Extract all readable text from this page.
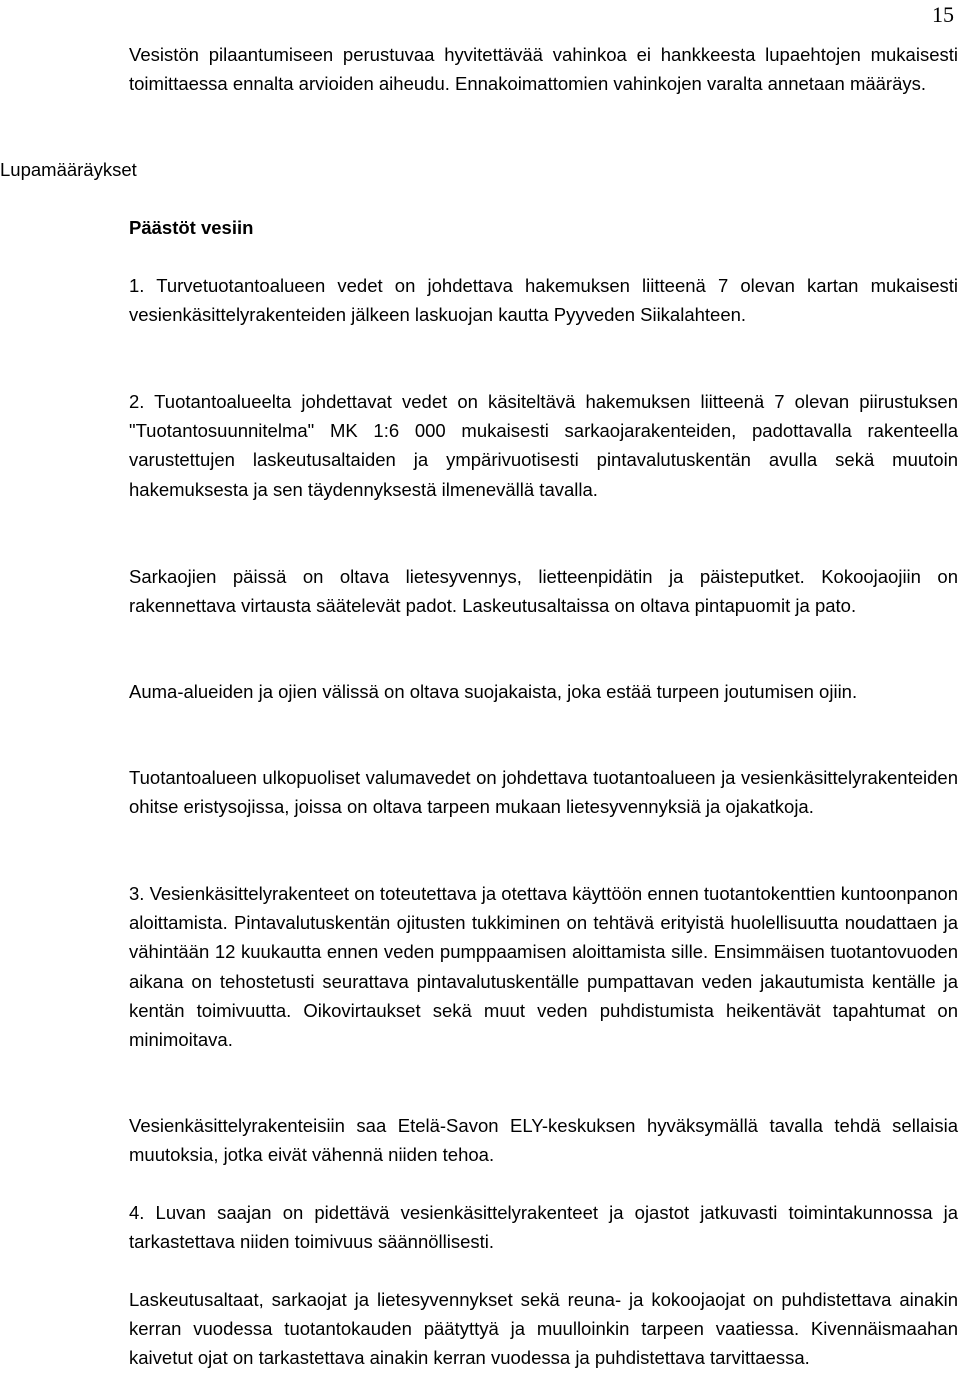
15

Vesistön pilaantumiseen perustuvaa hyvitettävää vahinkoa ei hankkeesta lupaehtojen mukaisesti toimittaessa ennalta arvioiden aiheudu. Ennakoimattomien vahinkojen varalta annetaan määräys.

Lupamääräykset
Päästöt vesiin

1. Turvetuotantoalueen vedet on johdettava hakemuksen liitteenä 7 olevan kartan mukaisesti vesienkäsittelyrakenteiden jälkeen laskuojan kautta Pyyveden Siikalahteen.

2. Tuotantoalueelta johdettavat vedet on käsiteltävä hakemuksen liitteenä 7 olevan piirustuksen "Tuotantosuunnitelma" MK 1:6 000 mukaisesti sarkaojarakenteiden, padottavalla rakenteella varustettujen laskeutusaltaiden ja ympärivuotisesti pintavalutuskentän avulla sekä muutoin hakemuksesta ja sen täydennyksestä ilmenevällä tavalla.

Sarkaojien päissä on oltava lietesyvennys, lietteenpidätin ja päisteputket. Kokoojaojiin on rakennettava virtausta säätelevät padot. Laskeutusaltaissa on oltava pintapuomit ja pato.

Auma-alueiden ja ojien välissä on oltava suojakaista, joka estää turpeen joutumisen ojiin.

Tuotantoalueen ulkopuoliset valumavedet on johdettava tuotantoalueen ja vesienkäsittelyrakenteiden ohitse eristysojissa, joissa on oltava tarpeen mukaan lietesyvennyksiä ja ojakatkoja.

3. Vesienkäsittelyrakenteet on toteutettava ja otettava käyttöön ennen tuotantokenttien kuntoonpanon aloittamista. Pintavalutuskentän ojitusten tukkiminen on tehtävä erityistä huolellisuutta noudattaen ja vähintään 12 kuukautta ennen veden pumppaamisen aloittamista sille. Ensimmäisen tuotantovuoden aikana on tehostetusti seurattava pintavalutuskentälle pumpattavan veden jakautumista kentälle ja kentän toimivuutta. Oikovirtaukset sekä muut veden puhdistumista heikentävät tapahtumat on minimoitava.

Vesienkäsittelyrakenteisiin saa Etelä-Savon ELY-keskuksen hyväksymällä tavalla tehdä sellaisia muutoksia, jotka eivät vähennä niiden tehoa.

4. Luvan saajan on pidettävä vesienkäsittelyrakenteet ja ojastot jatkuvasti toimintakunnossa ja tarkastettava niiden toimivuus säännöllisesti.

Laskeutusaltaat, sarkaojat ja lietesyvennykset sekä reuna- ja kokoojaojat on puhdistettava ainakin kerran vuodessa tuotantokauden päätyttyä ja muulloinkin tarpeen vaatiessa. Kivennäismaahan kaivetut ojat on tarkastettava ainakin kerran vuodessa ja puhdistettava tarvittaessa.
